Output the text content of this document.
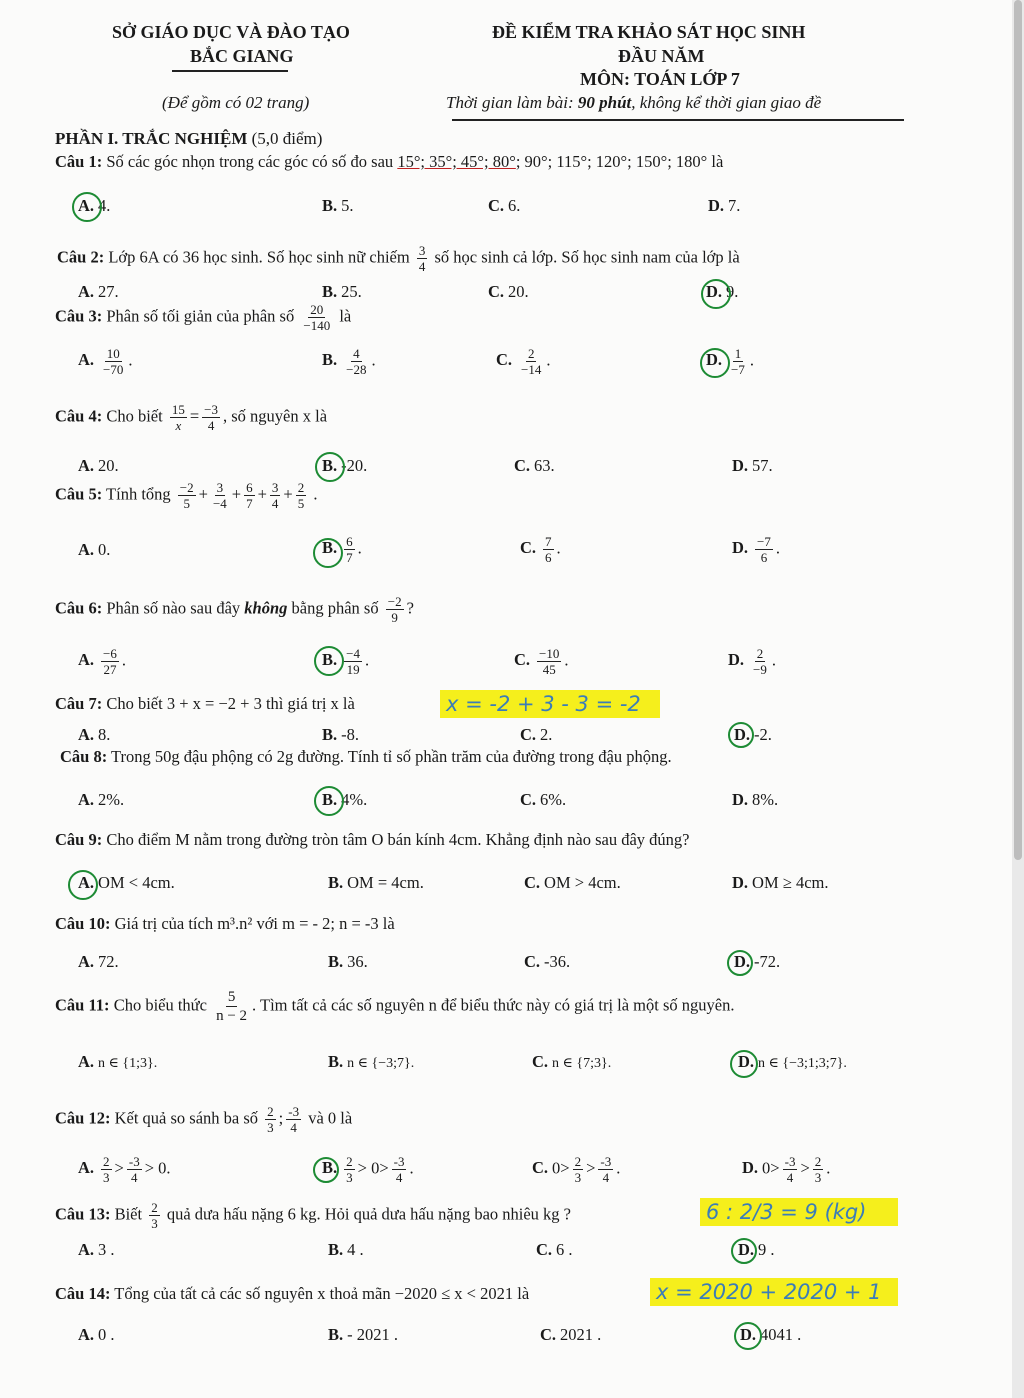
SỞ GIÁO DỤC VÀ ĐÀO TẠO
BẮC GIANG
(Để gồm có 02 trang)
ĐỀ KIỂM TRA KHẢO SÁT HỌC SINH
ĐẦU NĂM
MÔN: TOÁN LỚP 7
Thời gian làm bài: 90 phút, không kể thời gian giao đề
PHẦN I. TRẮC NGHIỆM (5,0 điểm)
Câu 1: Số các góc nhọn trong các góc có số đo sau 15°; 35°; 45°; 80°; 90°; 115°; 120°; 150°; 180° là
A. 4.	B. 5.	C. 6.	D. 7.
Câu 2: Lớp 6A có 36 học sinh. Số học sinh nữ chiếm $\frac{3}{4}$ số học sinh cả lớp. Số học sinh nam của lớp là
A. 27.	B. 25.	C. 20.	D. 9.
Câu 3: Phân số tối giản của phân số $\frac{20}{-140}$ là
A. $\frac{10}{-70}$ .	B. $\frac{4}{-28}$ .	C. $\frac{2}{-14}$ .	D. $\frac{1}{-7}$ .
Câu 4: Cho biết $\frac{15}{x} = \frac{-3}{4}$ , số nguyên x là
A. 20.	B. -20.	C. 63.	D. 57.
Câu 5: Tính tổng $\frac{-2}{5} + \frac{3}{-4} + \frac{6}{7} + \frac{3}{4} + \frac{2}{5}$ .
A. 0.	B. $\frac{6}{7}$ .	C. $\frac{7}{6}$ .	D. $\frac{-7}{6}$ .
Câu 6: Phân số nào sau đây không bằng phân số $\frac{-2}{9}$ ?
A. $\frac{-6}{27}$ .	B. $\frac{-4}{19}$ .	C. $\frac{-10}{45}$ .	D. $\frac{2}{-9}$ .
Câu 7: Cho biết 3 + x = −2 + 3 thì giá trị x là	x = -2 + 3 - 3 = -2
A. 8.	B. -8.	C. 2.	D. -2.
Câu 8: Trong 50g đậu phộng có 2g đường. Tính tỉ số phần trăm của đường trong đậu phộng.
A. 2%.	B. 4%.	C. 6%.	D. 8%.
Câu 9: Cho điểm M nằm trong đường tròn tâm O bán kính 4cm. Khẳng định nào sau đây đúng?
A. OM < 4cm.	B. OM = 4cm.	C. OM > 4cm.	D. OM ≥ 4cm.
Câu 10: Giá trị của tích m³.n² với m = - 2; n = -3 là
A. 72.	B. 36.	C. -36.	D. -72.
Câu 11: Cho biểu thức $\frac{5}{n - 2}$ . Tìm tất cả các số nguyên n để biểu thức này có giá trị là một số nguyên.
A. n ∈ {1;3}.	B. n ∈ {−3;7}.	C. n ∈ {7;3}.	D. n ∈ {−3;1;3;7}.
Câu 12: Kết quả so sánh ba số $\frac{2}{3}$ ; $\frac{-3}{4}$ và 0 là
A. $\frac{2}{3} > \frac{-3}{4} > 0$.	B. $\frac{2}{3} > 0> \frac{-3}{4}$ .	C. $0> \frac{2}{3} > \frac{-3}{4}$ .	D. $0> \frac{-3}{4} > \frac{2}{3}$ .
Câu 13: Biết $\frac{2}{3}$ quả dưa hấu nặng 6 kg. Hỏi quả dưa hấu nặng bao nhiêu kg ?	6 : 2/3 = 9 (kg)
A. 3 .	B. 4 .	C. 6 .	D. 9 .
Câu 14: Tổng của tất cả các số nguyên x thoả mãn −2020 ≤ x < 2021 là	x = 2020 + 2020 + 1
A. 0 .	B. - 2021 .	C. 2021 .	D. 4041 .
